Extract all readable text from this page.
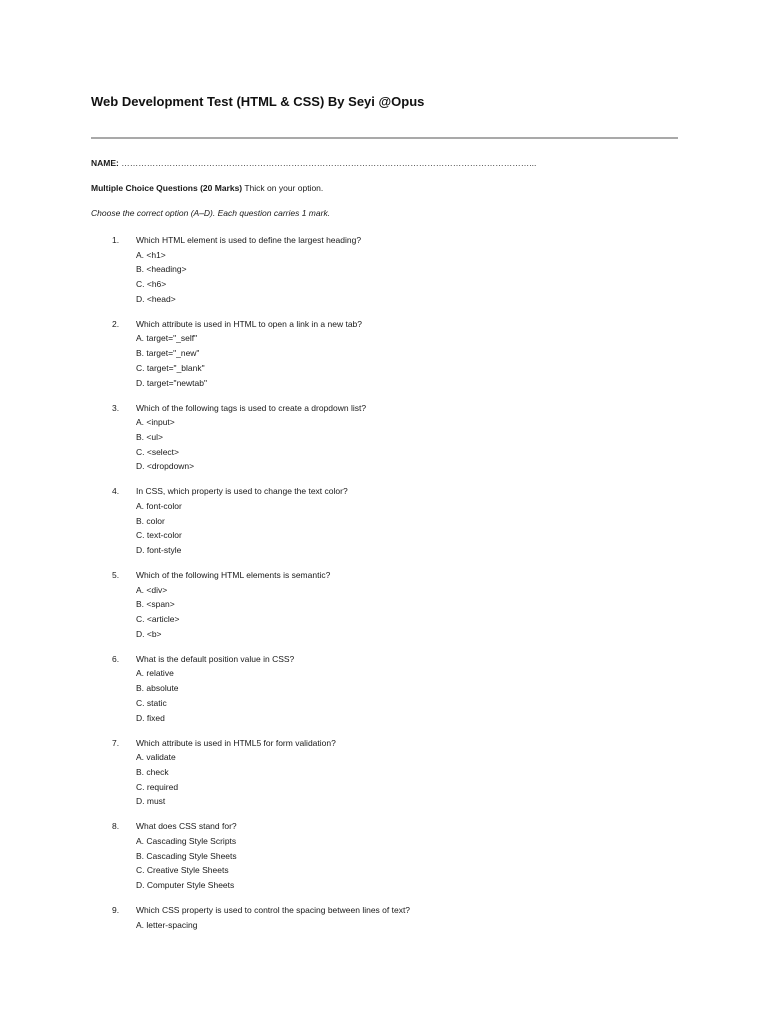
Web Development Test (HTML & CSS) By Seyi @Opus
NAME: ………………………………………………………………………………………………………………………………...
Multiple Choice Questions (20 Marks) Thick on your option.
Choose the correct option (A–D). Each question carries 1 mark.
1. Which HTML element is used to define the largest heading?
A. <h1>
B. <heading>
C. <h6>
D. <head>
2. Which attribute is used in HTML to open a link in a new tab?
A. target="_self"
B. target="_new"
C. target="_blank"
D. target="newtab"
3. Which of the following tags is used to create a dropdown list?
A. <input>
B. <ul>
C. <select>
D. <dropdown>
4. In CSS, which property is used to change the text color?
A. font-color
B. color
C. text-color
D. font-style
5. Which of the following HTML elements is semantic?
A. <div>
B. <span>
C. <article>
D. <b>
6. What is the default position value in CSS?
A. relative
B. absolute
C. static
D. fixed
7. Which attribute is used in HTML5 for form validation?
A. validate
B. check
C. required
D. must
8. What does CSS stand for?
A. Cascading Style Scripts
B. Cascading Style Sheets
C. Creative Style Sheets
D. Computer Style Sheets
9. Which CSS property is used to control the spacing between lines of text?
A. letter-spacing
